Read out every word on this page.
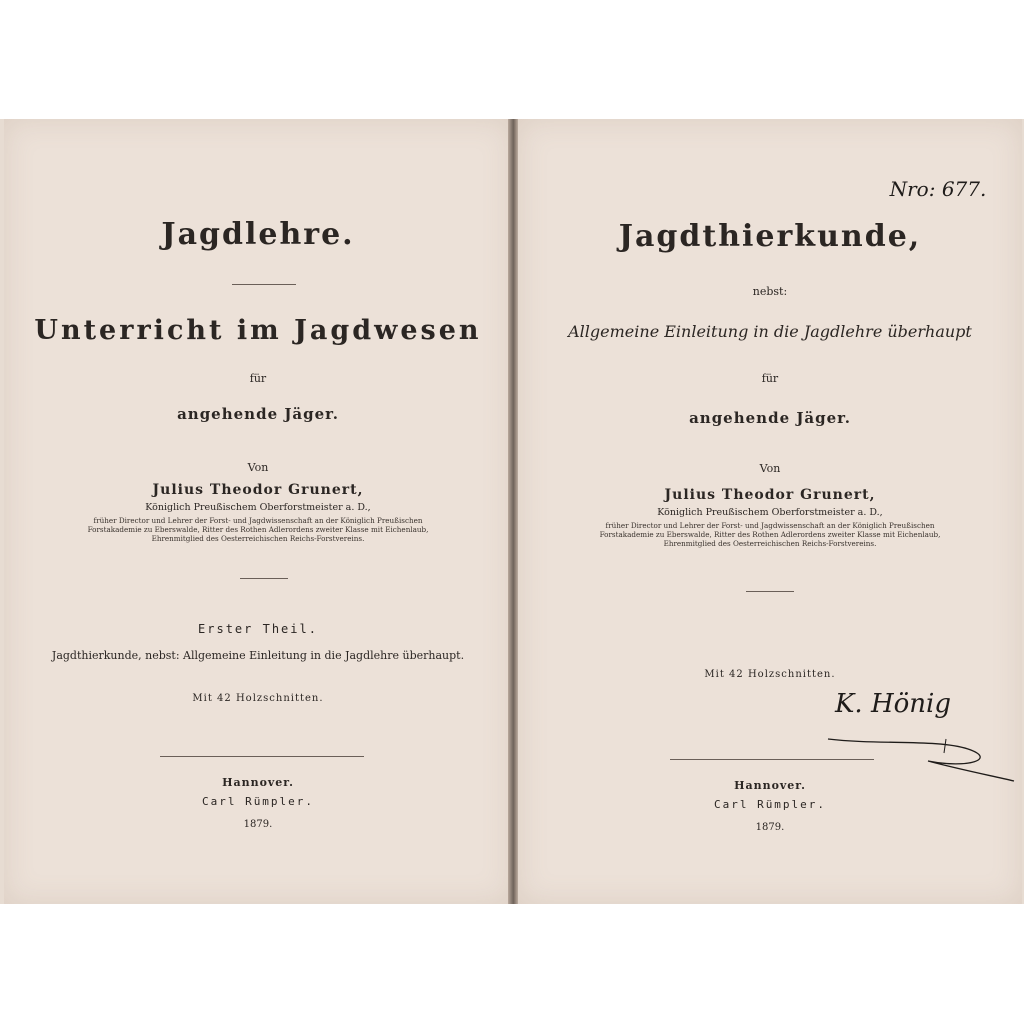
Jagdlehre.
Unterricht im Jagdwesen
für
angehende Jäger.
Von
Julius Theodor Grunert,
Königlich Preußischem Oberforstmeister a. D.,
früher Director und Lehrer der Forst- und Jagdwissenschaft an der Königlich Preußischen
Forstakademie zu Eberswalde, Ritter des Rothen Adlerordens zweiter Klasse mit Eichenlaub,
Ehrenmitglied des Oesterreichischen Reichs-Forstvereins.
Erster Theil.
Jagdthierkunde, nebst: Allgemeine Einleitung in die Jagdlehre überhaupt.
Mit 42 Holzschnitten.
Hannover.
Carl Rümpler.
1879.
Nro: 677.
Jagdthierkunde,
nebst:
Allgemeine Einleitung in die Jagdlehre überhaupt
für
angehende Jäger.
Von
Julius Theodor Grunert,
Königlich Preußischem Oberforstmeister a. D.,
früher Director und Lehrer der Forst- und Jagdwissenschaft an der Königlich Preußischen
Forstakademie zu Eberswalde, Ritter des Rothen Adlerordens zweiter Klasse mit Eichenlaub,
Ehrenmitglied des Oesterreichischen Reichs-Forstvereins.
Mit 42 Holzschnitten.
K. Hönig
Hannover.
Carl Rümpler.
1879.
